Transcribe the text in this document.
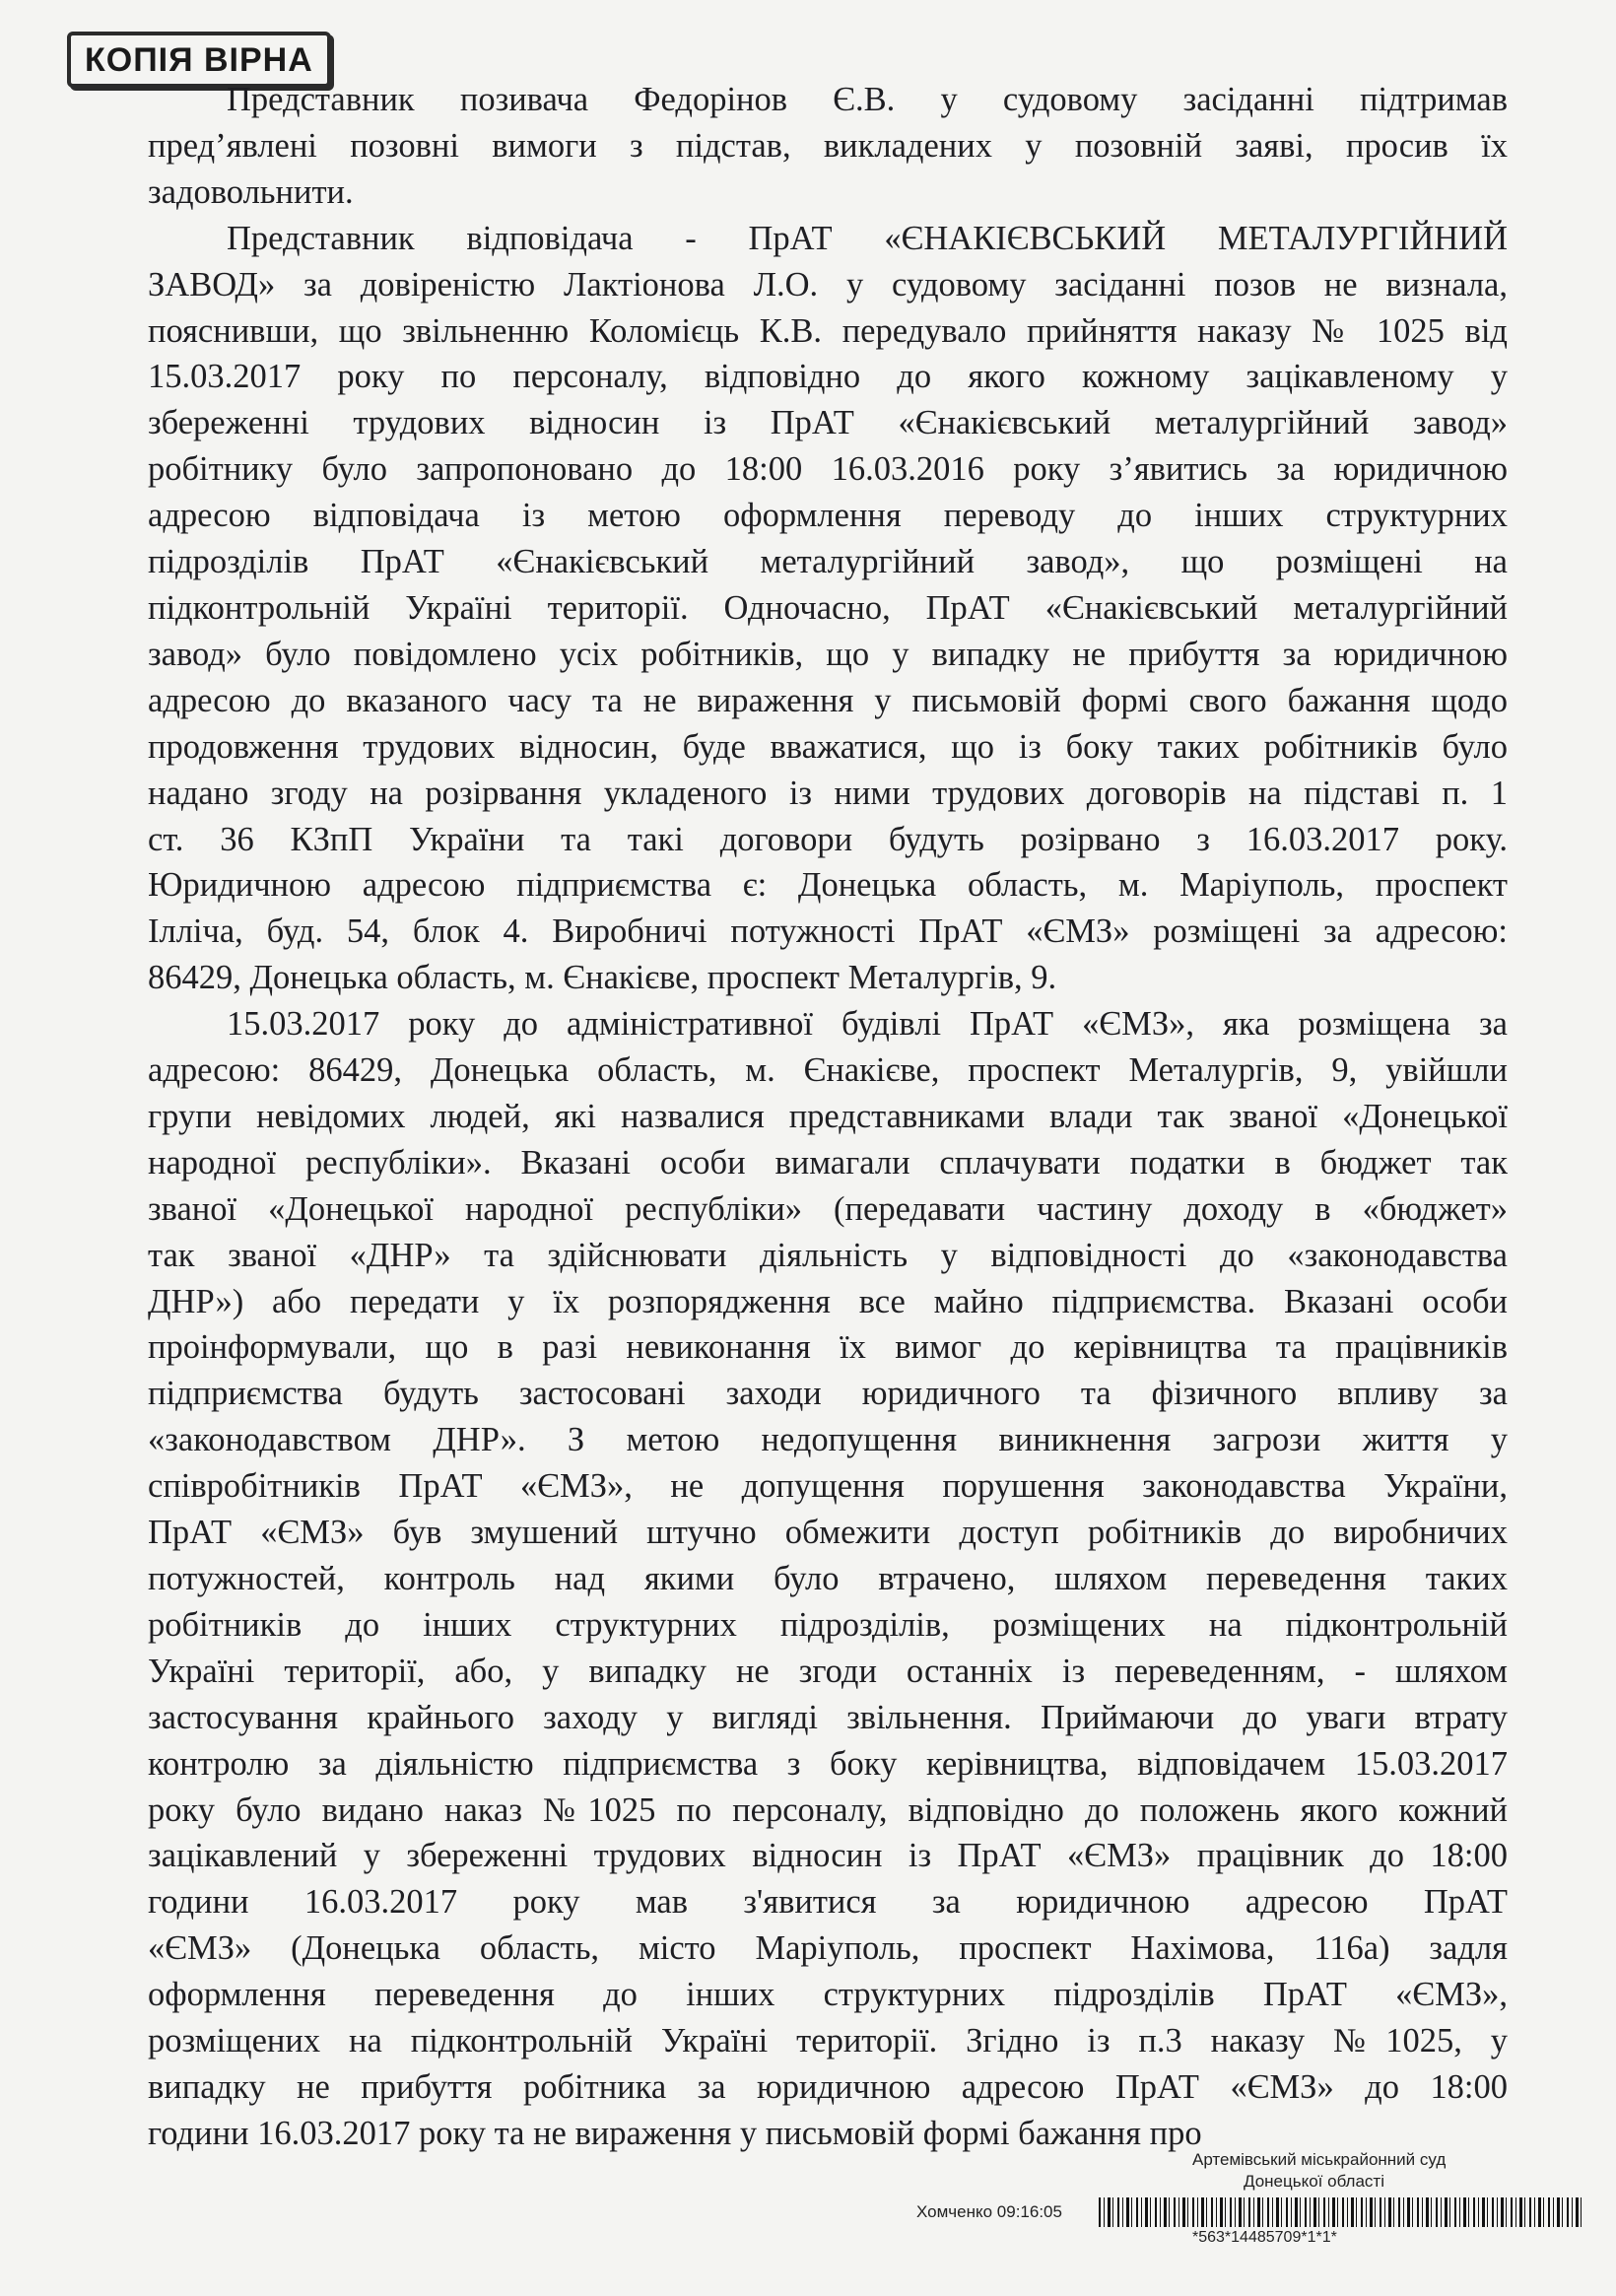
КОПІЯ ВІРНА
Представник позивача Федорінов Є.В. у судовому засіданні підтримав
пред’явлені позовні вимоги з підстав, викладених у позовній заяві, просив їх
задовольнити.
Представник відповідача - ПрАТ «ЄНАКІЄВСЬКИЙ МЕТАЛУРГІЙНИЙ
ЗАВОД» за довіреністю Лактіонова Л.О. у судовому засіданні позов не визнала,
пояснивши, що звільненню Коломієць К.В. передувало прийняття наказу № 1025 від
15.03.2017 року по персоналу, відповідно до якого кожному зацікавленому у
збереженні трудових відносин із ПрАТ «Єнакієвський металургійний завод»
робітнику було запропоновано до 18:00 16.03.2016 року з’явитись за юридичною
адресою відповідача із метою оформлення переводу до інших структурних
підрозділів ПрАТ «Єнакієвський металургійний завод», що розміщені на
підконтрольній Україні території. Одночасно, ПрАТ «Єнакієвський металургійний
завод» було повідомлено усіх робітників, що у випадку не прибуття за юридичною
адресою до вказаного часу та не вираження у письмовій формі свого бажання щодо
продовження трудових відносин, буде вважатися, що із боку таких робітників було
надано згоду на розірвання укладеного із ними трудових договорів на підставі п. 1
ст. 36 КЗпП України та такі договори будуть розірвано з 16.03.2017 року.
Юридичною адресою підприємства є: Донецька область, м. Маріуполь, проспект
Ілліча, буд. 54, блок 4. Виробничі потужності ПрАТ «ЄМЗ» розміщені за адресою:
86429, Донецька область, м. Єнакієве, проспект Металургів, 9.
15.03.2017 року до адміністративної будівлі ПрАТ «ЄМЗ», яка розміщена за
адресою: 86429, Донецька область, м. Єнакієве, проспект Металургів, 9, увійшли
групи невідомих людей, які назвалися представниками влади так званої «Донецької
народної республіки». Вказані особи вимагали сплачувати податки в бюджет так
званої «Донецької народної республіки» (передавати частину доходу в «бюджет»
так званої «ДНР» та здійснювати діяльність у відповідності до «законодавства
ДНР») або передати у їх розпорядження все майно підприємства. Вказані особи
проінформували, що в разі невиконання їх вимог до керівництва та працівників
підприємства будуть застосовані заходи юридичного та фізичного впливу за
«законодавством ДНР». З метою недопущення виникнення загрози життя у
співробітників ПрАТ «ЄМЗ», не допущення порушення законодавства України,
ПрАТ «ЄМЗ» був змушений штучно обмежити доступ робітників до виробничих
потужностей, контроль над якими було втрачено, шляхом переведення таких
робітників до інших структурних підрозділів, розміщених на підконтрольній
Україні території, або, у випадку не згоди останніх із переведенням, - шляхом
застосування крайнього заходу у вигляді звільнення. Приймаючи до уваги втрату
контролю за діяльністю підприємства з боку керівництва, відповідачем 15.03.2017
року було видано наказ №1025 по персоналу, відповідно до положень якого кожний
зацікавлений у збереженні трудових відносин із ПрАТ «ЄМЗ» працівник до 18:00
години 16.03.2017 року мав з'явитися за юридичною адресою ПрАТ
«ЄМЗ» (Донецька область, місто Маріуполь, проспект Нахімова, 116а) задля
оформлення переведення до інших структурних підрозділів ПрАТ «ЄМЗ»,
розміщених на підконтрольній Україні території. Згідно із п.3 наказу №1025, у
випадку не прибуття робітника за юридичною адресою ПрАТ «ЄМЗ» до 18:00
години 16.03.2017 року та не вираження у письмовій формі бажання про
Артемівський міськрайонний суд
Донецької області
Хомченко 09:16:05
*563*14485709*1*1*
